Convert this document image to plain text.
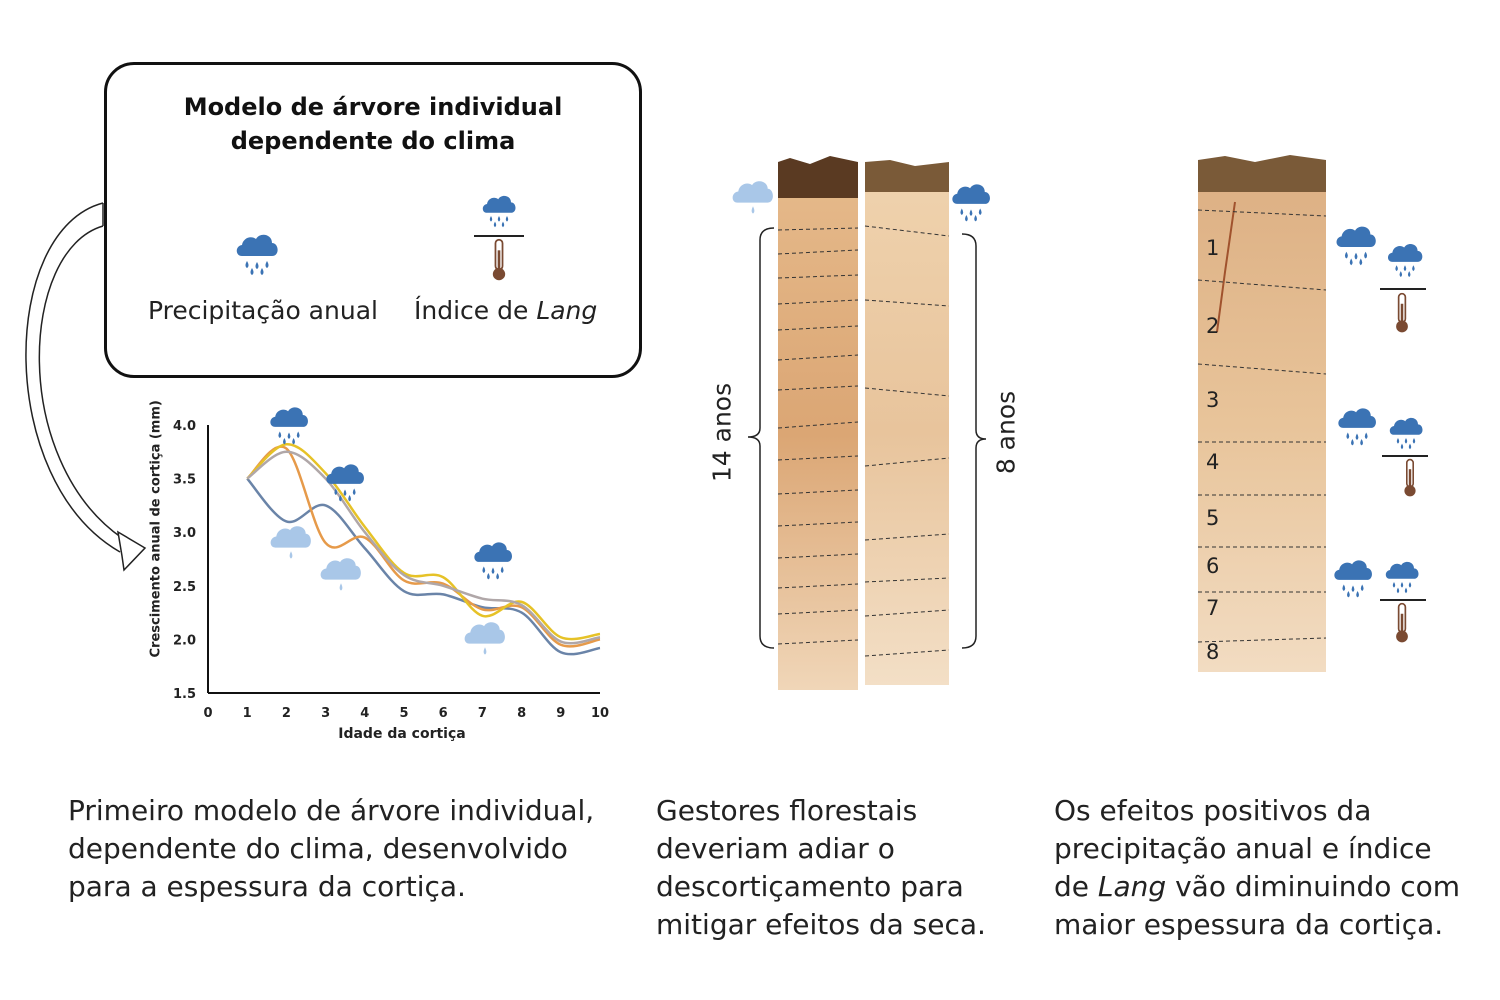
Modelo de árvore individual
dependente do clima
Precipitação anual Índice de Lang
0 1 2 3 4 5 6 7 8 9 10
1.5
2.0
2.5
3.0
3.5
4.0
Crescimento anual de cortiça (mm)
Idade da cortiça
14 anos	8 anos
1
2
3
4
5
6
7
8
Primeiro modelo de árvore individual,
dependente do clima, desenvolvido
para a espessura da cortiça.
Gestores florestais
deveriam adiar o
descortiçamento para
mitigar efeitos da seca.
Os efeitos positivos da
precipitação anual e índice
de Lang vão diminuindo com
maior espessura da cortiça.
